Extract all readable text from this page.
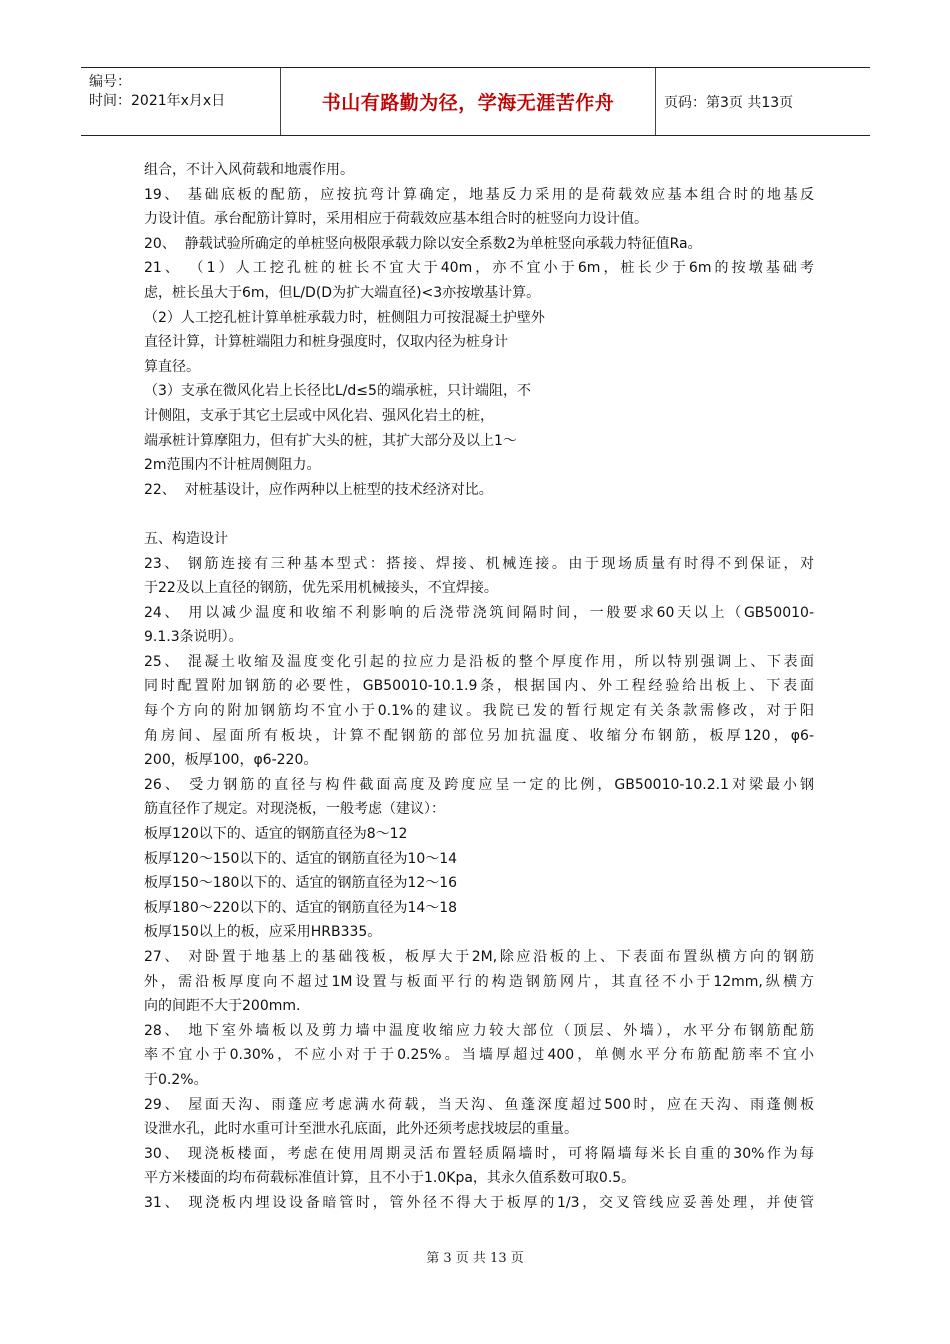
编号：
时间：2021年x月x日	书山有路勤为径，学海无涯苦作舟	页码：第3页 共13页
组合，不计入风荷载和地震作用。
19、 基础底板的配筋，应按抗弯计算确定，地基反力采用的是荷载效应基本组合时的地基反
力设计值。承台配筋计算时，采用相应于荷载效应基本组合时的桩竖向力设计值。
20、  静载试验所确定的单桩竖向极限承载力除以安全系数2为单桩竖向承载力特征值Ra。
21、 （1）人工挖孔桩的桩长不宜大于40m，亦不宜小于6m，桩长少于6m的按墩基础考
虑，桩长虽大于6m，但L/D(D为扩大端直径)<3亦按墩基计算。
（2）人工挖孔桩计算单桩承载力时，桩侧阻力可按混凝土护壁外
直径计算，计算桩端阻力和桩身强度时，仅取内径为桩身计
算直径。
（3）支承在微风化岩上长径比L/d≤5的端承桩，只计端阻，不
计侧阻，支承于其它土层或中风化岩、强风化岩土的桩，
端承桩计算摩阻力，但有扩大头的桩，其扩大部分及以上1～
2m范围内不计桩周侧阻力。
22、  对桩基设计，应作两种以上桩型的技术经济对比。
五、构造设计
23、 钢筋连接有三种基本型式：搭接、焊接、机械连接。由于现场质量有时得不到保证，对
于22及以上直径的钢筋，优先采用机械接头，不宜焊接。
24、 用以减少温度和收缩不利影响的后浇带浇筑间隔时间，一般要求60天以上（GB50010-
9.1.3条说明）。
25、 混凝土收缩及温度变化引起的拉应力是沿板的整个厚度作用，所以特别强调上、下表面
同时配置附加钢筋的必要性，GB50010-10.1.9条，根据国内、外工程经验给出板上、下表面
每个方向的附加钢筋均不宜小于0.1%的建议。我院已发的暂行规定有关条款需修改，对于阳
角房间、屋面所有板块，计算不配钢筋的部位另加抗温度、收缩分布钢筋，板厚120，φ6-
200，板厚100，φ6-220。
26、 受力钢筋的直径与构件截面高度及跨度应呈一定的比例，GB50010-10.2.1对梁最小钢
筋直径作了规定。对现浇板，一般考虑（建议）：
板厚120以下的、适宜的钢筋直径为8～12
板厚120～150以下的、适宜的钢筋直径为10～14
板厚150～180以下的、适宜的钢筋直径为12～16
板厚180～220以下的、适宜的钢筋直径为14～18
板厚150以上的板，应采用HRB335。
27、 对卧置于地基上的基础筏板，板厚大于2M,除应沿板的上、下表面布置纵横方向的钢筋
外，需沿板厚度向不超过1M设置与板面平行的构造钢筋网片，其直径不小于12mm,纵横方
向的间距不大于200mm.
28、 地下室外墙板以及剪力墙中温度收缩应力较大部位（顶层、外墙），水平分布钢筋配筋
率不宜小于0.30%，不应小对于于0.25%。当墙厚超过400，单侧水平分布筋配筋率不宜小
于0.2%。
29、 屋面天沟、雨蓬应考虑满水荷载，当天沟、鱼蓬深度超过500时，应在天沟、雨蓬侧板
设泄水孔，此时水重可计至泄水孔底面，此外还须考虑找坡层的重量。
30、 现浇板楼面，考虑在使用周期灵活布置轻质隔墙时，可将隔墙每米长自重的30%作为每
平方米楼面的均布荷载标准值计算，且不小于1.0Kpa，其永久值系数可取0.5。
31、 现浇板内埋设设备暗管时，管外径不得大于板厚的1/3，交叉管线应妥善处理，并使管
第 3 页 共 13 页
